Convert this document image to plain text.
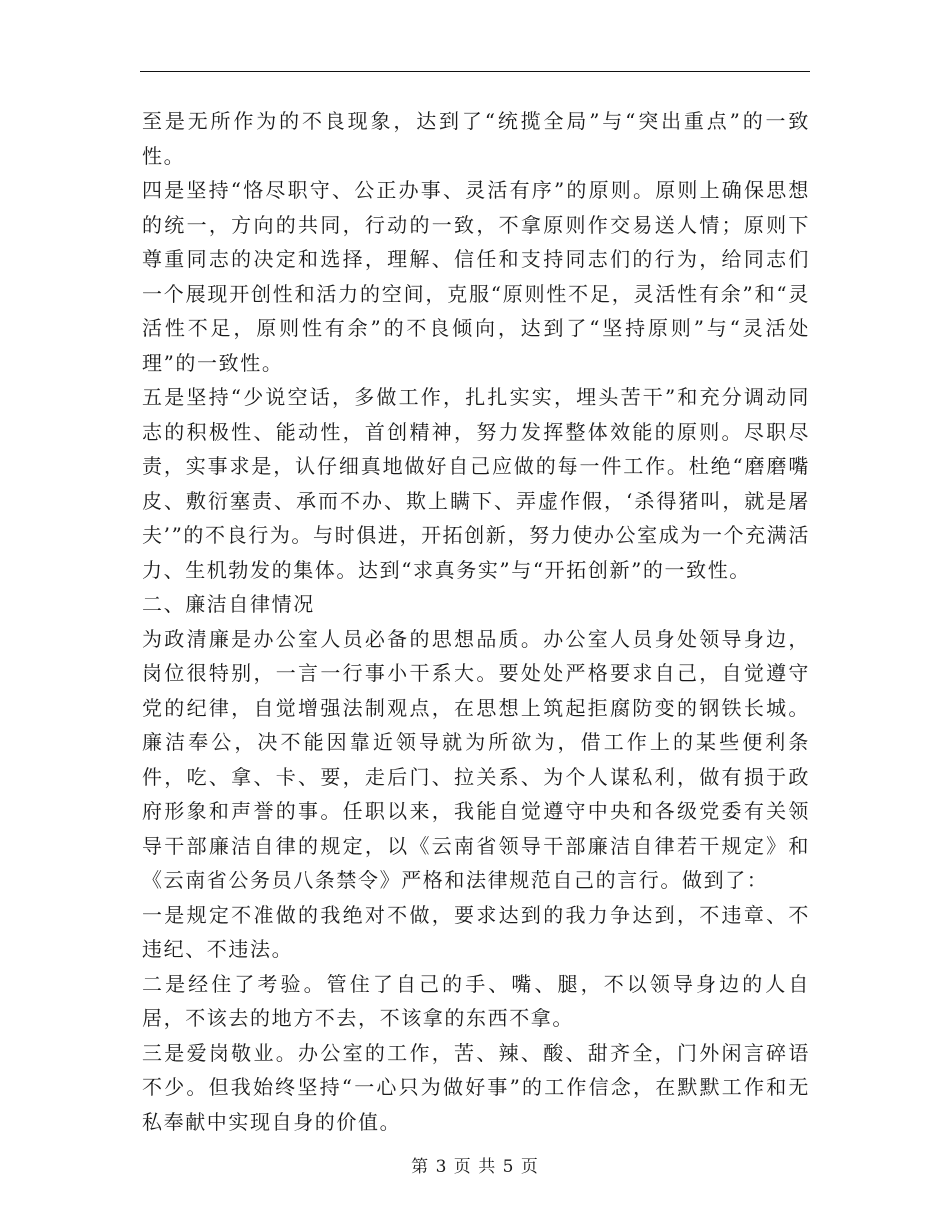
至是无所作为的不良现象，达到了“统揽全局”与“突出重点”的一致性。

四是坚持“恪尽职守、公正办事、灵活有序”的原则。原则上确保思想的统一，方向的共同，行动的一致，不拿原则作交易送人情；原则下尊重同志的决定和选择，理解、信任和支持同志们的行为，给同志们一个展现开创性和活力的空间，克服“原则性不足，灵活性有余”和“灵活性不足，原则性有余”的不良倾向，达到了“坚持原则”与“灵活处理”的一致性。

五是坚持“少说空话，多做工作，扎扎实实，埋头苦干”和充分调动同志的积极性、能动性，首创精神，努力发挥整体效能的原则。尽职尽责，实事求是，认仔细真地做好自己应做的每一件工作。杜绝“磨磨嘴皮、敷衍塞责、承而不办、欺上瞒下、弄虚作假，‘杀得猪叫，就是屠夫’”的不良行为。与时俱进，开拓创新，努力使办公室成为一个充满活力、生机勃发的集体。达到“求真务实”与“开拓创新”的一致性。

二、廉洁自律情况

为政清廉是办公室人员必备的思想品质。办公室人员身处领导身边，岗位很特别，一言一行事小干系大。要处处严格要求自己，自觉遵守党的纪律，自觉增强法制观点，在思想上筑起拒腐防变的钢铁长城。廉洁奉公，决不能因靠近领导就为所欲为，借工作上的某些便利条件，吃、拿、卡、要，走后门、拉关系、为个人谋私利，做有损于政府形象和声誉的事。任职以来，我能自觉遵守中央和各级党委有关领导干部廉洁自律的规定，以《云南省领导干部廉洁自律若干规定》和《云南省公务员八条禁令》严格和法律规范自己的言行。做到了：

一是规定不准做的我绝对不做，要求达到的我力争达到，不违章、不违纪、不违法。

二是经住了考验。管住了自己的手、嘴、腿，不以领导身边的人自居，不该去的地方不去，不该拿的东西不拿。

三是爱岗敬业。办公室的工作，苦、辣、酸、甜齐全，门外闲言碎语不少。但我始终坚持“一心只为做好事”的工作信念，在默默工作和无私奉献中实现自身的价值。

第 3 页 共 5 页
